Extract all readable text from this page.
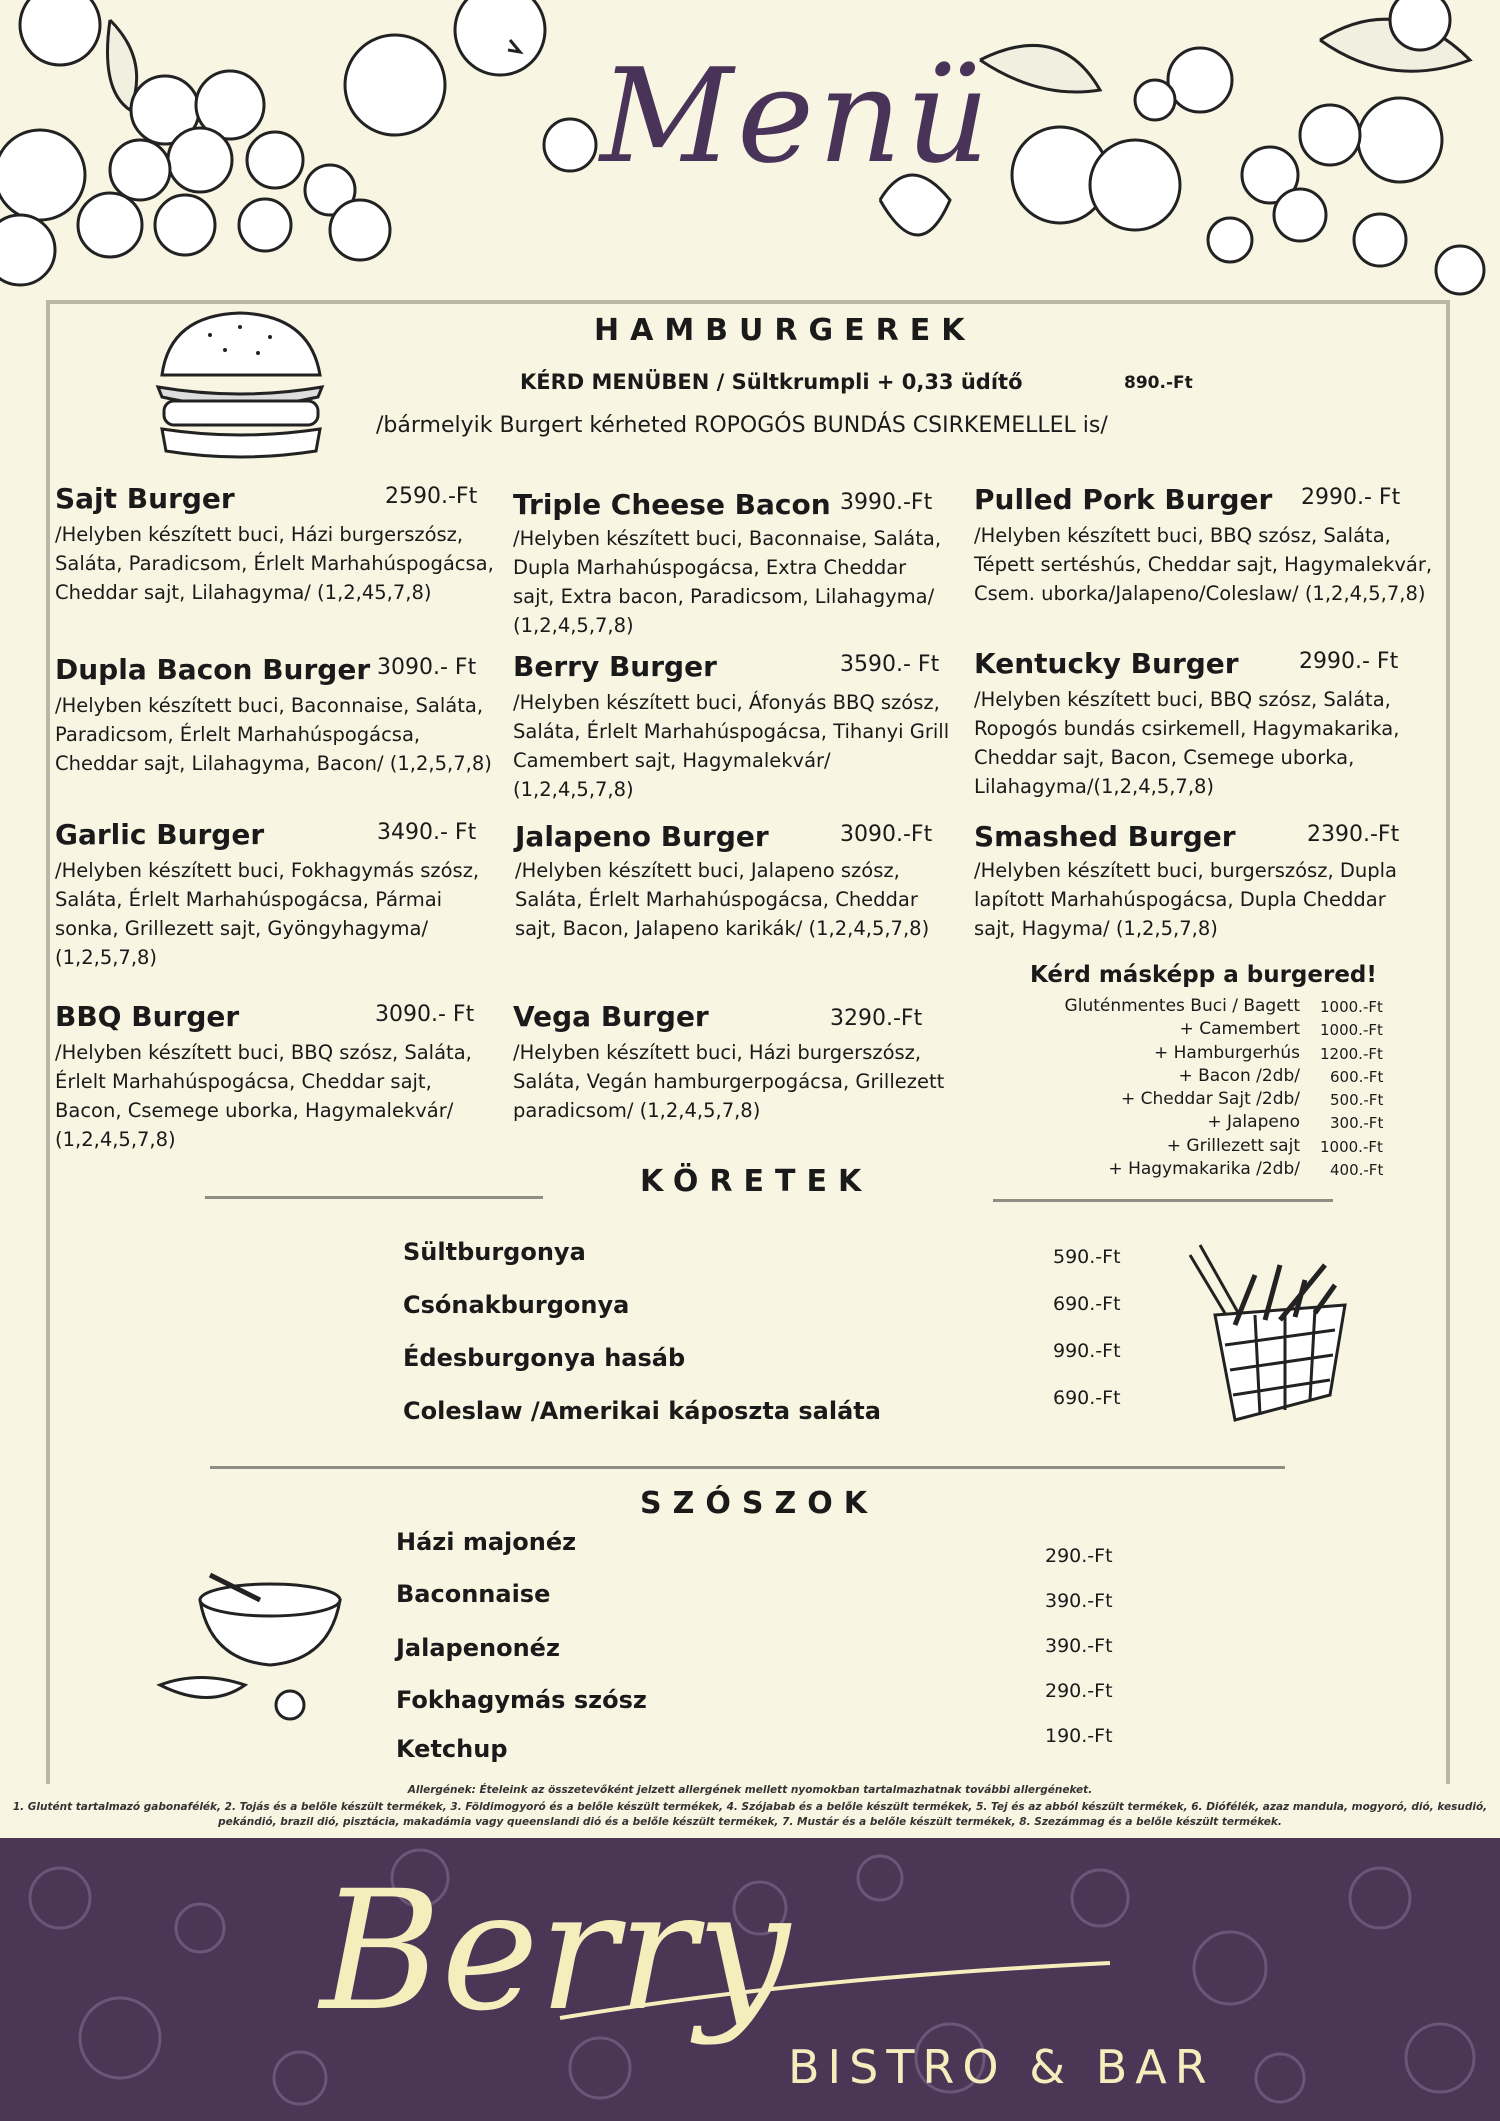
Menü
HAMBURGEREK
KÉRD MENÜBEN / Sültkrumpli + 0,33 üdítő	890.-Ft
/bármelyik Burgert kérheted ROPOGÓS BUNDÁS CSIRKEMELLEL is/
Sajt Burger	2590.-Ft
/Helyben készített buci, Házi burgerszósz, Saláta, Paradicsom, Érlelt Marhahúspogácsa, Cheddar sajt, Lilahagyma/ (1,2,45,7,8)
Triple Cheese Bacon 3990.-Ft
/Helyben készített buci, Baconnaise, Saláta, Dupla Marhahúspogácsa, Extra Cheddar sajt, Extra bacon, Paradicsom, Lilahagyma/ (1,2,4,5,7,8)
Pulled Pork Burger 2990.- Ft
/Helyben készített buci, BBQ szósz, Saláta, Tépett sertéshús, Cheddar sajt, Hagymalekvár, Csem. uborka/Jalapeno/Coleslaw/ (1,2,4,5,7,8)
Dupla Bacon Burger 3090.- Ft
/Helyben készített buci, Baconnaise, Saláta, Paradicsom, Érlelt Marhahúspogácsa, Cheddar sajt, Lilahagyma, Bacon/ (1,2,5,7,8)
Berry Burger	3590.- Ft
/Helyben készített buci, Áfonyás BBQ szósz, Saláta, Érlelt Marhahúspogácsa, Tihanyi Grill Camembert sajt, Hagymalekvár/ (1,2,4,5,7,8)
Kentucky Burger	2990.- Ft
/Helyben készített buci, BBQ szósz, Saláta, Ropogós bundás csirkemell, Hagymakarika, Cheddar sajt, Bacon, Csemege uborka, Lilahagyma/(1,2,4,5,7,8)
Garlic Burger	3490.- Ft
/Helyben készített buci, Fokhagymás szósz, Saláta, Érlelt Marhahúspogácsa, Pármai sonka, Grillezett sajt, Gyöngyhagyma/ (1,2,5,7,8)
Jalapeno Burger	3090.-Ft
/Helyben készített buci, Jalapeno szósz, Saláta, Érlelt Marhahúspogácsa, Cheddar sajt, Bacon, Jalapeno karikák/ (1,2,4,5,7,8)
Smashed Burger	2390.-Ft
/Helyben készített buci, burgerszósz, Dupla lapított Marhahúspogácsa, Dupla Cheddar sajt, Hagyma/ (1,2,5,7,8)
BBQ Burger	3090.- Ft
/Helyben készített buci, BBQ szósz, Saláta, Érlelt Marhahúspogácsa, Cheddar sajt, Bacon, Csemege uborka, Hagymalekvár/ (1,2,4,5,7,8)
Vega Burger	3290.-Ft
/Helyben készített buci, Házi burgerszósz, Saláta, Vegán hamburgerpogácsa, Grillezett paradicsom/ (1,2,4,5,7,8)
Kérd másképp a burgered!
Gluténmentes Buci / Bagett 1000.-Ft
+ Camembert 1000.-Ft
+ Hamburgerhús 1200.-Ft
+ Bacon /2db/ 600.-Ft
+ Cheddar Sajt /2db/ 500.-Ft
+ Jalapeno 300.-Ft
+ Grillezett sajt 1000.-Ft
+ Hagymakarika /2db/ 400.-Ft
KÖRETEK
Sültburgonya	590.-Ft
Csónakburgonya	690.-Ft
Édesburgonya hasáb	990.-Ft
Coleslaw /Amerikai káposzta saláta	690.-Ft
SZÓSZOK
Házi majonéz	290.-Ft
Baconnaise	390.-Ft
Jalapenonéz	390.-Ft
Fokhagymás szósz	290.-Ft
Ketchup	190.-Ft
Allergének: Ételeink az összetevőként jelzett allergének mellett nyomokban tartalmazhatnak további allergéneket.
1. Glutént tartalmazó gabonafélék, 2. Tojás és a belőle készült termékek, 3. Földimogyoró és a belőle készült termékek, 4. Szójabab és a belőle készült termékek, 5. Tej és az abból készült termékek, 6. Diófélék, azaz mandula, mogyoró, dió, kesudió,
pekándió, brazil dió, pisztácia, makadámia vagy queenslandi dió és a belőle készült termékek, 7. Mustár és a belőle készült termékek, 8. Szezámmag és a belőle készült termékek.
Berry
BISTRO & BAR
